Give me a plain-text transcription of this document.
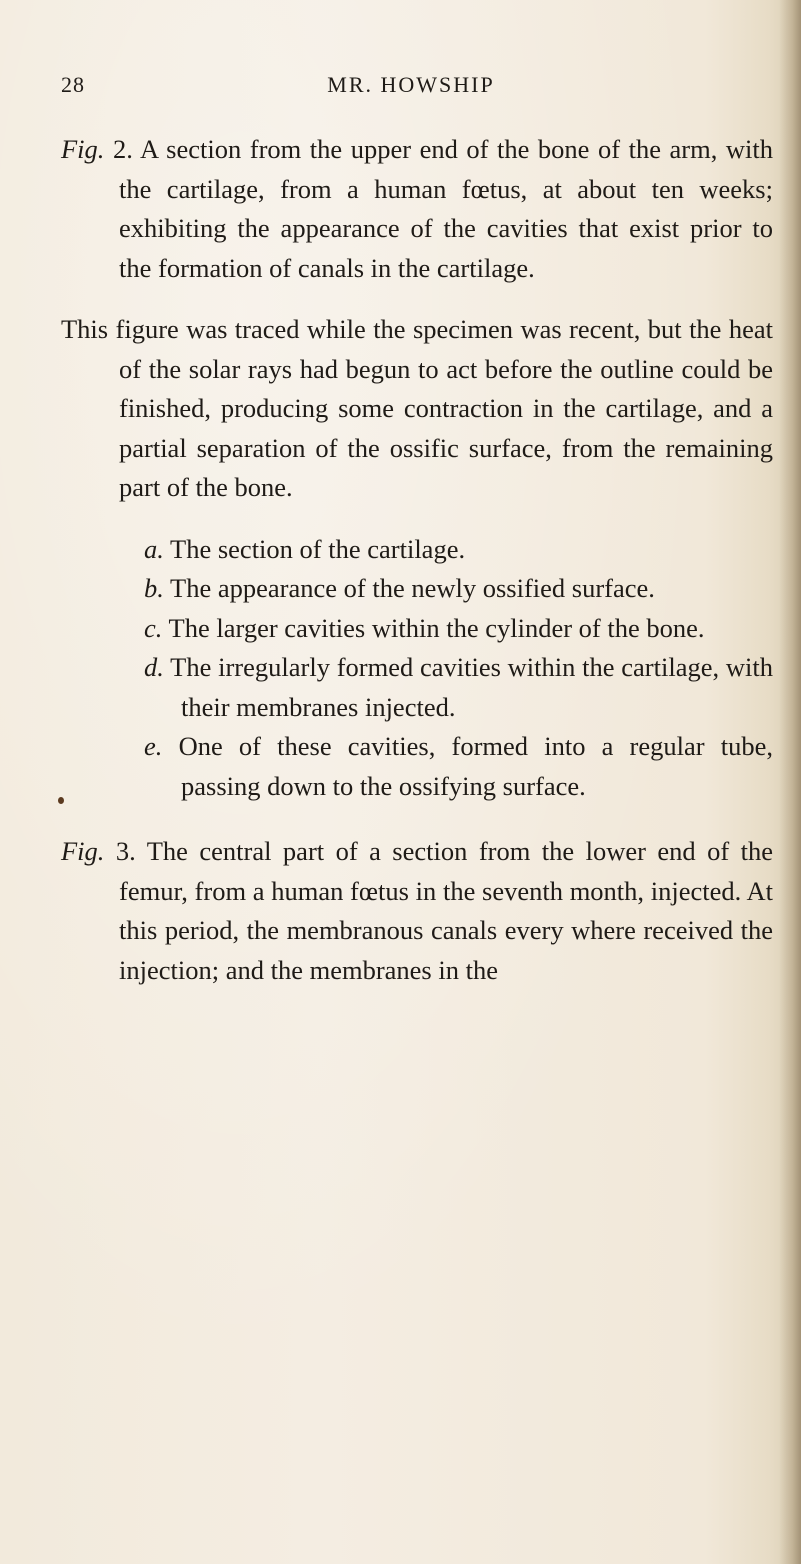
28	MR. HOWSHIP

Fig. 2. A section from the upper end of the bone of the arm, with the cartilage, from a human fœtus, at about ten weeks; exhibiting the appearance of the cavities that exist prior to the formation of canals in the cartilage.

This figure was traced while the specimen was recent, but the heat of the solar rays had begun to act before the outline could be finished, producing some contraction in the cartilage, and a partial separation of the ossific surface, from the remaining part of the bone.

a. The section of the cartilage.

b. The appearance of the newly ossified surface.

c. The larger cavities within the cylinder of the bone.

d. The irregularly formed cavities within the cartilage, with their membranes injected.

e. One of these cavities, formed into a regular tube, passing down to the ossifying surface.

Fig. 3. The central part of a section from the lower end of the femur, from a human fœtus in the seventh month, injected. At this period, the membranous canals every where received the injection; and the membranes in the
